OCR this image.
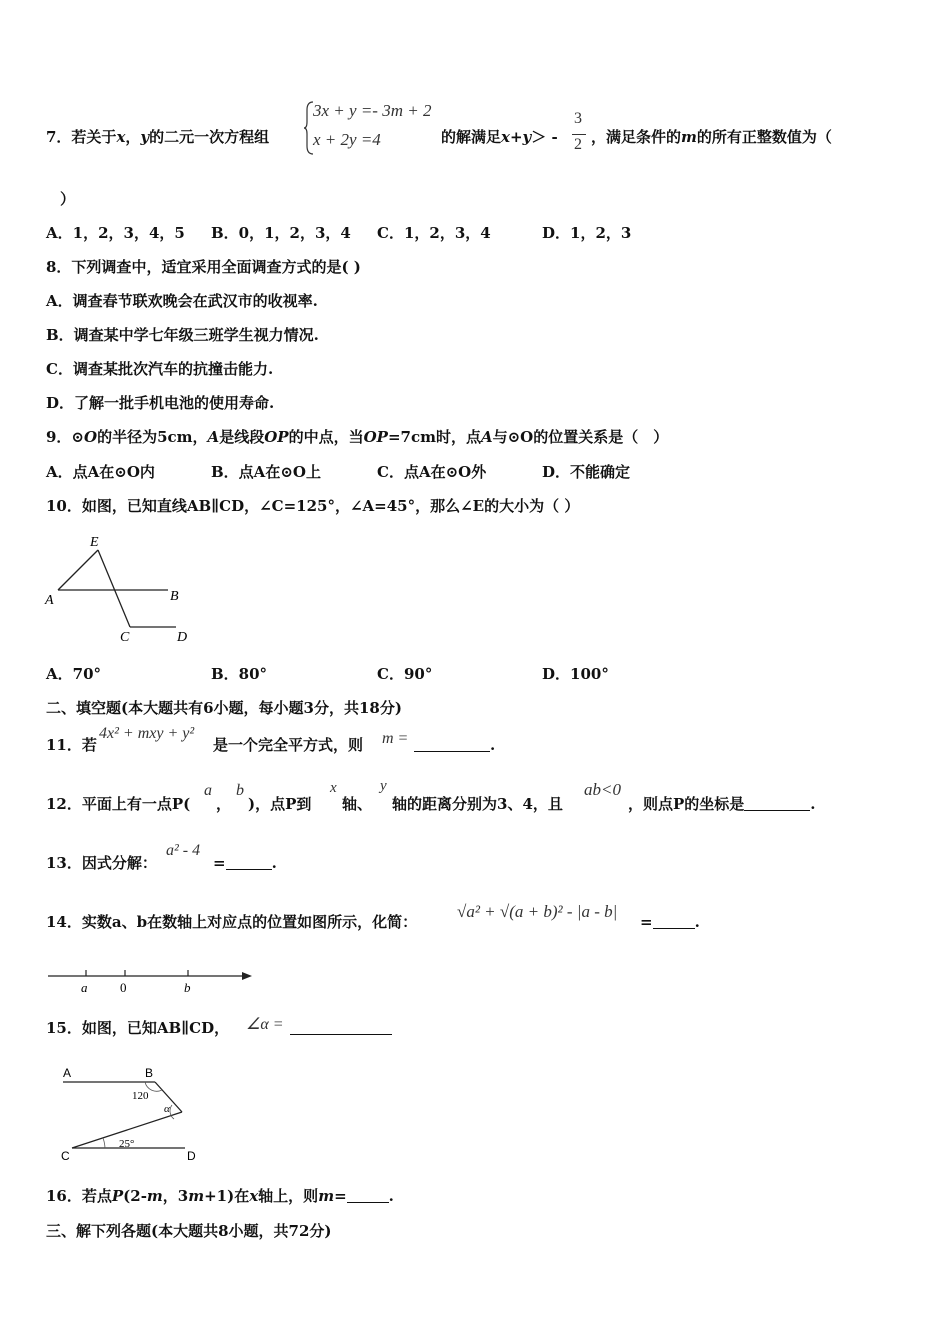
7．若关于x，y的二元一次方程组
3x + y =- 3m + 2
x + 2y =4	的解满足x+y＞ -
3
2 ，满足条件的m的所有正整数值为（
）
A．1，2，3，4，5 B．0，1，2，3，4 C．1，2，3，4	D．1，2，3
8．下列调查中，适宜采用全面调查方式的是( )
A．调查春节联欢晚会在武汉市的收视率.
B．调查某中学七年级三班学生视力情况.
C．调查某批次汽车的抗撞击能力.
D．了解一批手机电池的使用寿命.
9．⊙O的半径为5cm，A是线段OP的中点，当OP=7cm时，点A与⊙O的位置关系是（　）
A．点A在⊙O内	B．点A在⊙O上	C．点A在⊙O外	D．不能确定
10．如图，已知直线AB∥CD，∠C=125°，∠A=45°，那么∠E的大小为（ ）
E
A	B
C	D
A．70°	B．80°	C．90°	D．100°
二、填空题(本大题共有6小题，每小题3分，共18分)
11．若
4x² + mxy + y²
是一个完全平方式，则 m =	.
12．平面上有一点P(
a
，
b
)，点P到
x
轴、
y
轴的距离分别为3、4，且
ab<0
，则点P的坐标是	.
13．因式分解：
a² - 4
=	.
14．实数a、b在数轴上对应点的位置如图所示，化简：
√a² + √(a + b)² - |a - b|
=	.
a	0	b
15．如图，已知AB∥CD， ∠α =
A	B
120
α
25°
C	D
16．若点P(2-m，3m+1)在x轴上，则m=	.
三、解下列各题(本大题共8小题，共72分)
